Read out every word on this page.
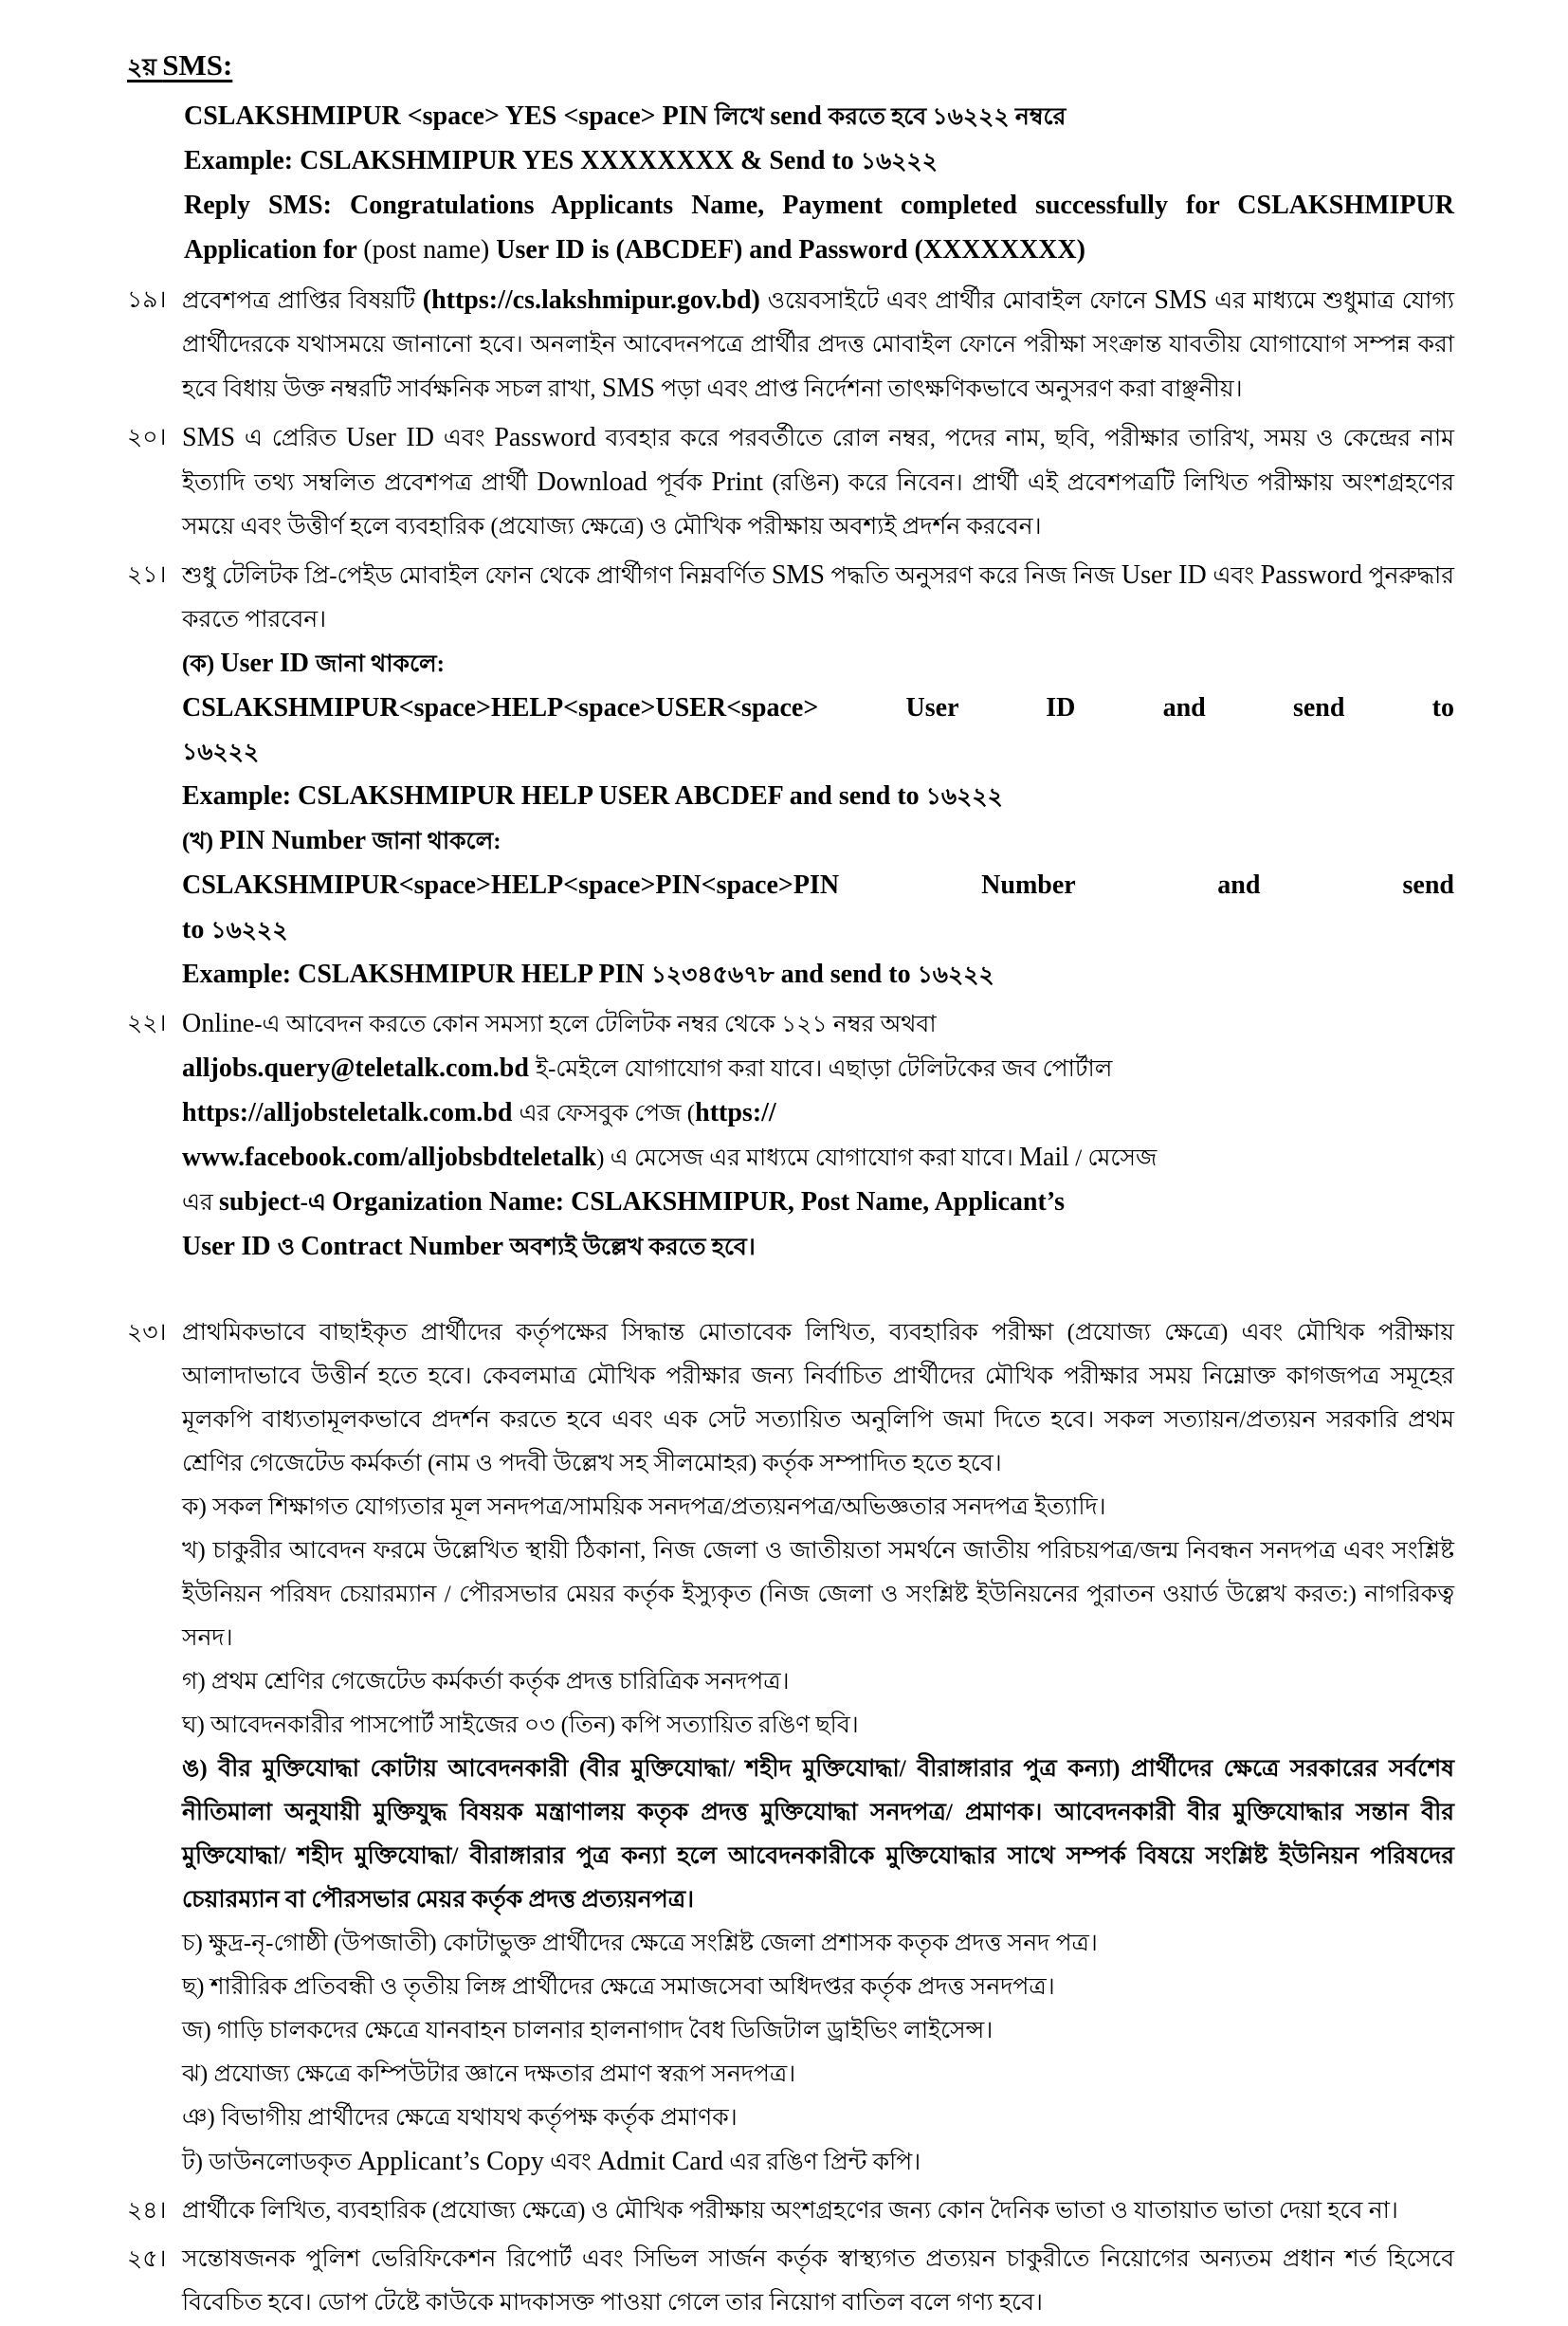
২য় SMS:
CSLAKSHMIPUR <space> YES <space> PIN লিখে send করতে হবে ১৬২২২ নম্বরে
Example: CSLAKSHMIPUR YES XXXXXXXX & Send to ১৬২২২
Reply SMS: Congratulations Applicants Name, Payment completed successfully for CSLAKSHMIPUR Application for (post name) User ID is (ABCDEF) and Password (XXXXXXXX)
১৯। প্রবেশপত্র প্রাপ্তির বিষয়টি (https://cs.lakshmipur.gov.bd) ওয়েবসাইটে এবং প্রার্থীর মোবাইল ফোনে SMS এর মাধ্যমে শুধুমাত্র যোগ্য প্রার্থীদেরকে যথাসময়ে জানানো হবে। অনলাইন আবেদনপত্রে প্রার্থীর প্রদত্ত মোবাইল ফোনে পরীক্ষা সংক্রান্ত যাবতীয় যোগাযোগ সম্পন্ন করা হবে বিধায় উক্ত নম্বরটি সার্বক্ষনিক সচল রাখা, SMS পড়া এবং প্রাপ্ত নির্দেশনা তাৎক্ষণিকভাবে অনুসরণ করা বাঞ্ছনীয়।
২০। SMS এ প্রেরিত User ID এবং Password ব্যবহার করে পরবর্তীতে রোল নম্বর, পদের নাম, ছবি, পরীক্ষার তারিখ, সময় ও কেন্দ্রের নাম ইত্যাদি তথ্য সম্বলিত প্রবেশপত্র প্রার্থী Download পূর্বক Print (রঙিন) করে নিবেন। প্রার্থী এই প্রবেশপত্রটি লিখিত পরীক্ষায় অংশগ্রহণের সময়ে এবং উত্তীর্ণ হলে ব্যবহারিক (প্রযোজ্য ক্ষেত্রে) ও মৌখিক পরীক্ষায় অবশ্যই প্রদর্শন করবেন।
২১। শুধু টেলিটক প্রি-পেইড মোবাইল ফোন থেকে প্রার্থীগণ নিম্নবর্ণিত SMS পদ্ধতি অনুসরণ করে নিজ নিজ User ID এবং Password পুনরুদ্ধার করতে পারবেন।
(ক) User ID জানা থাকলে:
CSLAKSHMIPUR<space>HELP<space>USER<space> User ID and send to
১৬২২২
Example: CSLAKSHMIPUR HELP USER ABCDEF and send to ১৬২২২
(খ) PIN Number জানা থাকলে:
CSLAKSHMIPUR<space>HELP<space>PIN<space>PIN Number and send
to ১৬২২২
Example: CSLAKSHMIPUR HELP PIN ১২৩৪৫৬৭৮ and send to ১৬২২২
২২। Online-এ আবেদন করতে কোন সমস্যা হলে টেলিটক নম্বর থেকে ১২১ নম্বর অথবা
alljobs.query@teletalk.com.bd ই-মেইলে যোগাযোগ করা যাবে। এছাড়া টেলিটকের জব পোর্টাল
https://alljobsteletalk.com.bd এর ফেসবুক পেজ (https://
www.facebook.com/alljobsbdteletalk) এ মেসেজ এর মাধ্যমে যোগাযোগ করা যাবে। Mail / মেসেজ
এর subject-এ Organization Name: CSLAKSHMIPUR, Post Name, Applicant’s
User ID ও Contract Number অবশ্যই উল্লেখ করতে হবে।
২৩। প্রাথমিকভাবে বাছাইকৃত প্রার্থীদের কর্তৃপক্ষের সিদ্ধান্ত মোতাবেক লিখিত, ব্যবহারিক পরীক্ষা (প্রযোজ্য ক্ষেত্রে) এবং মৌখিক পরীক্ষায় আলাদাভাবে উত্তীর্ন হতে হবে। কেবলমাত্র মৌখিক পরীক্ষার জন্য নির্বাচিত প্রার্থীদের মৌখিক পরীক্ষার সময় নিম্নোক্ত কাগজপত্র সমূহের মূলকপি বাধ্যতামূলকভাবে প্রদর্শন করতে হবে এবং এক সেট সত্যায়িত অনুলিপি জমা দিতে হবে। সকল সত্যায়ন/প্রত্যয়ন সরকারি প্রথম শ্রেণির গেজেটেড কর্মকর্তা (নাম ও পদবী উল্লেখ সহ সীলমোহর) কর্তৃক সম্পাদিত হতে হবে।
ক) সকল শিক্ষাগত যোগ্যতার মূল সনদপত্র/সাময়িক সনদপত্র/প্রত্যয়নপত্র/অভিজ্ঞতার সনদপত্র ইত্যাদি।
খ) চাকুরীর আবেদন ফরমে উল্লেখিত স্থায়ী ঠিকানা, নিজ জেলা ও জাতীয়তা সমর্থনে জাতীয় পরিচয়পত্র/জন্ম নিবন্ধন সনদপত্র এবং সংশ্লিষ্ট ইউনিয়ন পরিষদ চেয়ারম্যান / পৌরসভার মেয়র কর্তৃক ইস্যুকৃত (নিজ জেলা ও সংশ্লিষ্ট ইউনিয়নের পুরাতন ওয়ার্ড উল্লেখ করত:) নাগরিকত্ব সনদ।
গ) প্রথম শ্রেণির গেজেটেড কর্মকর্তা কর্তৃক প্রদত্ত চারিত্রিক সনদপত্র।
ঘ) আবেদনকারীর পাসপোর্ট সাইজের ০৩ (তিন) কপি সত্যায়িত রঙিণ ছবি।
ঙ) বীর মুক্তিযোদ্ধা কোটায় আবেদনকারী (বীর মুক্তিযোদ্ধা/ শহীদ মুক্তিযোদ্ধা/ বীরাঙ্গারার পুত্র কন্যা) প্রার্থীদের ক্ষেত্রে সরকারের সর্বশেষ নীতিমালা অনুযায়ী মুক্তিযুদ্ধ বিষয়ক মন্ত্রাণালয় কতৃক প্রদত্ত মুক্তিযোদ্ধা সনদপত্র/ প্রমাণক। আবেদনকারী বীর মুক্তিযোদ্ধার সন্তান বীর মুক্তিযোদ্ধা/ শহীদ মুক্তিযোদ্ধা/ বীরাঙ্গারার পুত্র কন্যা হলে আবেদনকারীকে মুক্তিযোদ্ধার সাথে সম্পর্ক বিষয়ে সংশ্লিষ্ট ইউনিয়ন পরিষদের চেয়ারম্যান বা পৌরসভার মেয়র কর্তৃক প্রদত্ত প্রত্যয়নপত্র।
চ) ক্ষুদ্র-নৃ-গোষ্ঠী (উপজাতী) কোটাভুক্ত প্রার্থীদের ক্ষেত্রে সংশ্লিষ্ট জেলা প্রশাসক কতৃক প্রদত্ত সনদ পত্র।
ছ) শারীরিক প্রতিবন্ধী ও তৃতীয় লিঙ্গ প্রার্থীদের ক্ষেত্রে সমাজসেবা অধিদপ্তর কর্তৃক প্রদত্ত সনদপত্র।
জ) গাড়ি চালকদের ক্ষেত্রে যানবাহন চালনার হালনাগাদ বৈধ ডিজিটাল ড্রাইভিং লাইসেন্স।
ঝ) প্রযোজ্য ক্ষেত্রে কম্পিউটার জ্ঞানে দক্ষতার প্রমাণ স্বরূপ সনদপত্র।
ঞ) বিভাগীয় প্রার্থীদের ক্ষেত্রে যথাযথ কর্তৃপক্ষ কর্তৃক প্রমাণক।
ট) ডাউনলোডকৃত Applicant’s Copy এবং Admit Card এর রঙিণ প্রিন্ট কপি।
২৪। প্রার্থীকে লিখিত, ব্যবহারিক (প্রযোজ্য ক্ষেত্রে) ও মৌখিক পরীক্ষায় অংশগ্রহণের জন্য কোন দৈনিক ভাতা ও যাতায়াত ভাতা দেয়া হবে না।
২৫। সন্তোষজনক পুলিশ ভেরিফিকেশন রিপোর্ট এবং সিভিল সার্জন কর্তৃক স্বাস্থ্যগত প্রত্যয়ন চাকুরীতে নিয়োগের অন্যতম প্রধান শর্ত হিসেবে বিবেচিত হবে। ডোপ টেষ্টে কাউকে মাদকাসক্ত পাওয়া গেলে তার নিয়োগ বাতিল বলে গণ্য হবে।
